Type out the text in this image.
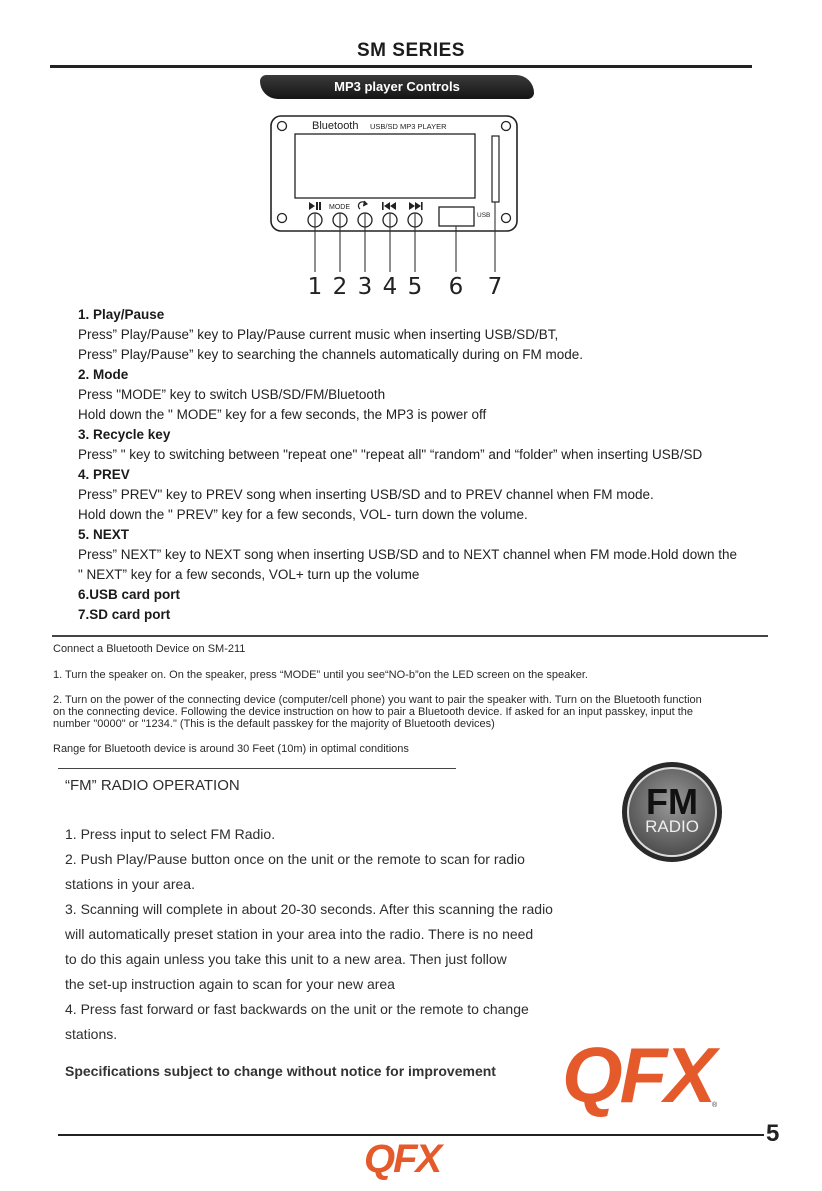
SM SERIES
MP3 player Controls
Bluetooth USB/SD MP3 PLAYER
MODE
USB
1 2 3 4 5 6 7
1. Play/Pause
Press” Play/Pause” key to Play/Pause current music when inserting USB/SD/BT,
Press” Play/Pause” key to searching the channels automatically during on FM mode.
2. Mode
Press "MODE” key to switch USB/SD/FM/Bluetooth
Hold down the " MODE” key for a few seconds, the MP3 is power off
3. Recycle key
Press” " key to switching between "repeat one" "repeat all" “random” and “folder” when inserting USB/SD
4. PREV
Press” PREV" key to PREV song when inserting USB/SD and to PREV channel when FM mode.
Hold down the " PREV” key for a few seconds, VOL- turn down the volume.
5. NEXT
Press” NEXT” key to NEXT song when inserting USB/SD and to NEXT channel when FM mode.Hold down the
" NEXT” key for a few seconds, VOL+ turn up the volume
6.USB card port
7.SD card port
Connect a Bluetooth Device on SM-211
1. Turn the speaker on. On the speaker, press “MODE” until you see“NO-b”on the LED screen on the speaker.
2. Turn on the power of the connecting device (computer/cell phone) you want to pair the speaker with. Turn on the Bluetooth function
on the connecting device. Following the device instruction on how to pair a Bluetooth device. If asked for an input passkey, input the
number "0000" or "1234." (This is the default passkey for the majority of Bluetooth devices)
Range for Bluetooth device is around 30 Feet (10m) in optimal conditions
“FM” RADIO OPERATION
1. Press input to select FM Radio.
2. Push Play/Pause button once on the unit or the remote to scan for radio
stations in your area.
3. Scanning will complete in about 20-30 seconds. After this scanning the radio
will automatically preset station in your area into the radio. There is no need
to do this again unless you take this unit to a new area. Then just follow
the set-up instruction again to scan for your new area
4. Press fast forward or fast backwards on the unit or the remote to change
stations.
FM
RADIO
Specifications subject to change without notice for improvement QFX
®
5
QFX
